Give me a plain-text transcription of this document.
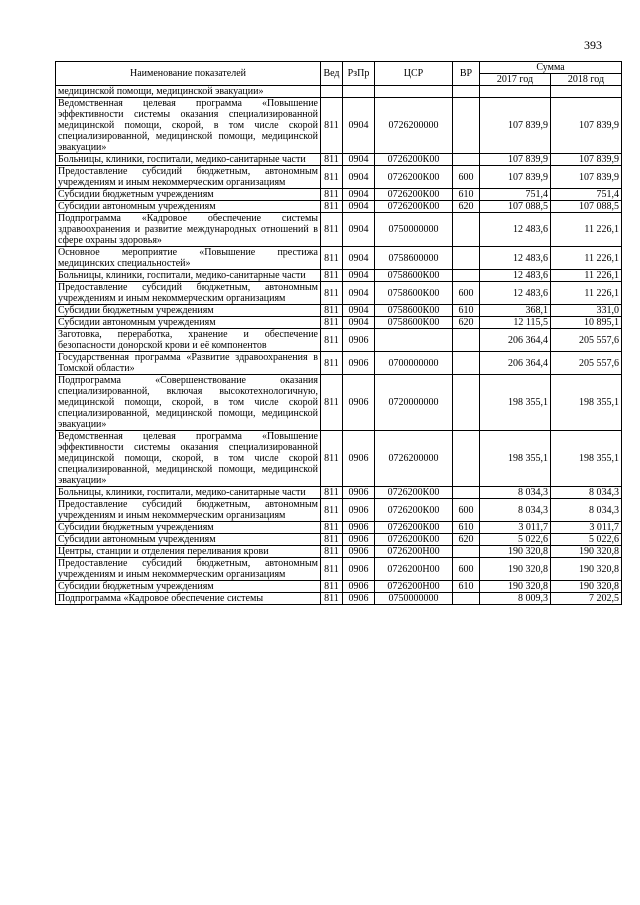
393
Наименование показателей	Вед	РзПр	ЦСР	ВР	Сумма	
					2017 год	2018 год
медицинской помощи, медицинской эвакуации»						
Ведомственная целевая программа «Повышение эффективности системы оказания специализированной медицинской помощи, скорой, в том числе скорой специализированной, медицинской помощи, медицинской эвакуации»	811	0904	0726200000		107 839,9	107 839,9
Больницы, клиники, госпитали, медико-санитарные части	811	0904	0726200К00		107 839,9	107 839,9
Предоставление субсидий бюджетным, автономным учреждениям и иным некоммерческим организациям	811	0904	0726200К00	600	107 839,9	107 839,9
Субсидии бюджетным учреждениям	811	0904	0726200К00	610	751,4	751,4
Субсидии автономным учреждениям	811	0904	0726200К00	620	107 088,5	107 088,5
Подпрограмма «Кадровое обеспечение системы здравоохранения и развитие международных отношений в сфере охраны здоровья»	811	0904	0750000000		12 483,6	11 226,1
Основное мероприятие «Повышение престижа медицинских специальностей»	811	0904	0758600000		12 483,6	11 226,1
Больницы, клиники, госпитали, медико-санитарные части	811	0904	0758600К00		12 483,6	11 226,1
Предоставление субсидий бюджетным, автономным учреждениям и иным некоммерческим организациям	811	0904	0758600К00	600	12 483,6	11 226,1
Субсидии бюджетным учреждениям	811	0904	0758600К00	610	368,1	331,0
Субсидии автономным учреждениям	811	0904	0758600К00	620	12 115,5	10 895,1
Заготовка, переработка, хранение и обеспечение безопасности донорской крови и её компонентов	811	0906			206 364,4	205 557,6
Государственная программа «Развитие здравоохранения в Томской области»	811	0906	0700000000		206 364,4	205 557,6
Подпрограмма «Совершенствование оказания специализированной, включая высокотехнологичную, медицинской помощи, скорой, в том числе скорой специализированной, медицинской помощи, медицинской эвакуации»	811	0906	0720000000		198 355,1	198 355,1
Ведомственная целевая программа «Повышение эффективности системы оказания специализированной медицинской помощи, скорой, в том числе скорой специализированной, медицинской помощи, медицинской эвакуации»	811	0906	0726200000		198 355,1	198 355,1
Больницы, клиники, госпитали, медико-санитарные части	811	0906	0726200К00		8 034,3	8 034,3
Предоставление субсидий бюджетным, автономным учреждениям и иным некоммерческим организациям	811	0906	0726200К00	600	8 034,3	8 034,3
Субсидии бюджетным учреждениям	811	0906	0726200К00	610	3 011,7	3 011,7
Субсидии автономным учреждениям	811	0906	0726200К00	620	5 022,6	5 022,6
Центры, станции и отделения переливания крови	811	0906	0726200Н00		190 320,8	190 320,8
Предоставление субсидий бюджетным, автономным учреждениям и иным некоммерческим организациям	811	0906	0726200Н00	600	190 320,8	190 320,8
Субсидии бюджетным учреждениям	811	0906	0726200Н00	610	190 320,8	190 320,8
Подпрограмма «Кадровое обеспечение системы	811	0906	0750000000		8 009,3	7 202,5
